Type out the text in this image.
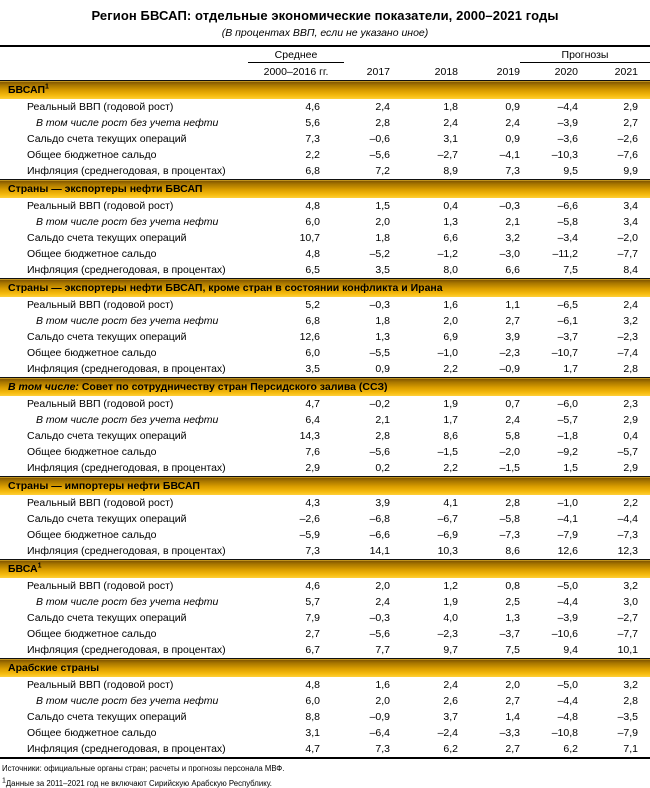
Регион БВСАП: отдельные экономические показатели, 2000–2021 годы
(В процентах ВВП, если не указано иное)

	Среднее				Прогнозы		

	2000–2016 гг.	2017	2018	2019	2020	2021	
БВСАП$^1$
Реальный ВВП (годовой рост)	4,6	2,4	1,8	0,9	–4,4	2,9	
В том числе рост без учета нефти	5,6	2,8	2,4	2,4	–3,9	2,7	
Сальдо счета текущих операций	7,3	–0,6	3,1	0,9	–3,6	–2,6	
Общее бюджетное сальдо	2,2	–5,6	–2,7	–4,1	–10,3	–7,6	
Инфляция (среднегодовая, в процентах)	6,8	7,2	8,9	7,3	9,5	9,9	
Страны — экспортеры нефти БВСАП							
Реальный ВВП (годовой рост)	4,8	1,5	0,4	–0,3	–6,6	3,4	
В том числе рост без учета нефти	6,0	2,0	1,3	2,1	–5,8	3,4	
Сальдо счета текущих операций	10,7	1,8	6,6	3,2	–3,4	–2,0	
Общее бюджетное сальдо	4,8	–5,2	–1,2	–3,0	–11,2	–7,7	
Инфляция (среднегодовая, в процентах)	6,5	3,5	8,0	6,6	7,5	8,4	
Страны — экспортеры нефти БВСАП, кроме стран в состоянии конфликта и Ирана							
Реальный ВВП (годовой рост)	5,2	–0,3	1,6	1,1	–6,5	2,4	
В том числе рост без учета нефти	6,8	1,8	2,0	2,7	–6,1	3,2	
Сальдо счета текущих операций	12,6	1,3	6,9	3,9	–3,7	–2,3	
Общее бюджетное сальдо	6,0	–5,5	–1,0	–2,3	–10,7	–7,4	
Инфляция (среднегодовая, в процентах)	3,5	0,9	2,2	–0,9	1,7	2,8	
В том числе: Совет по сотрудничеству стран Персидского залива (ССЗ)							
Реальный ВВП (годовой рост)	4,7	–0,2	1,9	0,7	–6,0	2,3	
В том числе рост без учета нефти	6,4	2,1	1,7	2,4	–5,7	2,9	
Сальдо счета текущих операций	14,3	2,8	8,6	5,8	–1,8	0,4	
Общее бюджетное сальдо	7,6	–5,6	–1,5	–2,0	–9,2	–5,7	
Инфляция (среднегодовая, в процентах)	2,9	0,2	2,2	–1,5	1,5	2,9	
Страны — импортеры нефти БВСАП							
Реальный ВВП (годовой рост)	4,3	3,9	4,1	2,8	–1,0	2,2	
Сальдо счета текущих операций	–2,6	–6,8	–6,7	–5,8	–4,1	–4,4	
Общее бюджетное сальдо	–5,9	–6,6	–6,9	–7,3	–7,9	–7,3	
Инфляция (среднегодовая, в процентах)	7,3	14,1	10,3	8,6	12,6	12,3	
БВСА$^1$
Реальный ВВП (годовой рост)	4,6	2,0	1,2	0,8	–5,0	3,2	
В том числе рост без учета нефти	5,7	2,4	1,9	2,5	–4,4	3,0	
Сальдо счета текущих операций	7,9	–0,3	4,0	1,3	–3,9	–2,7	
Общее бюджетное сальдо	2,7	–5,6	–2,3	–3,7	–10,6	–7,7	
Инфляция (среднегодовая, в процентах)	6,7	7,7	9,7	7,5	9,4	10,1	
Арабские страны							
Реальный ВВП (годовой рост)	4,8	1,6	2,4	2,0	–5,0	3,2	
В том числе рост без учета нефти	6,0	2,0	2,6	2,7	–4,4	2,8	
Сальдо счета текущих операций	8,8	–0,9	3,7	1,4	–4,8	–3,5	
Общее бюджетное сальдо	3,1	–6,4	–2,4	–3,3	–10,8	–7,9	
Инфляция (среднегодовая, в процентах)	4,7	7,3	6,2	2,7	6,2	7,1	
Источники: официальные органы стран; расчеты и прогнозы персонала МВФ.
$^1$Данные за 2011–2021 год не включают Сирийскую Арабскую Республику.
